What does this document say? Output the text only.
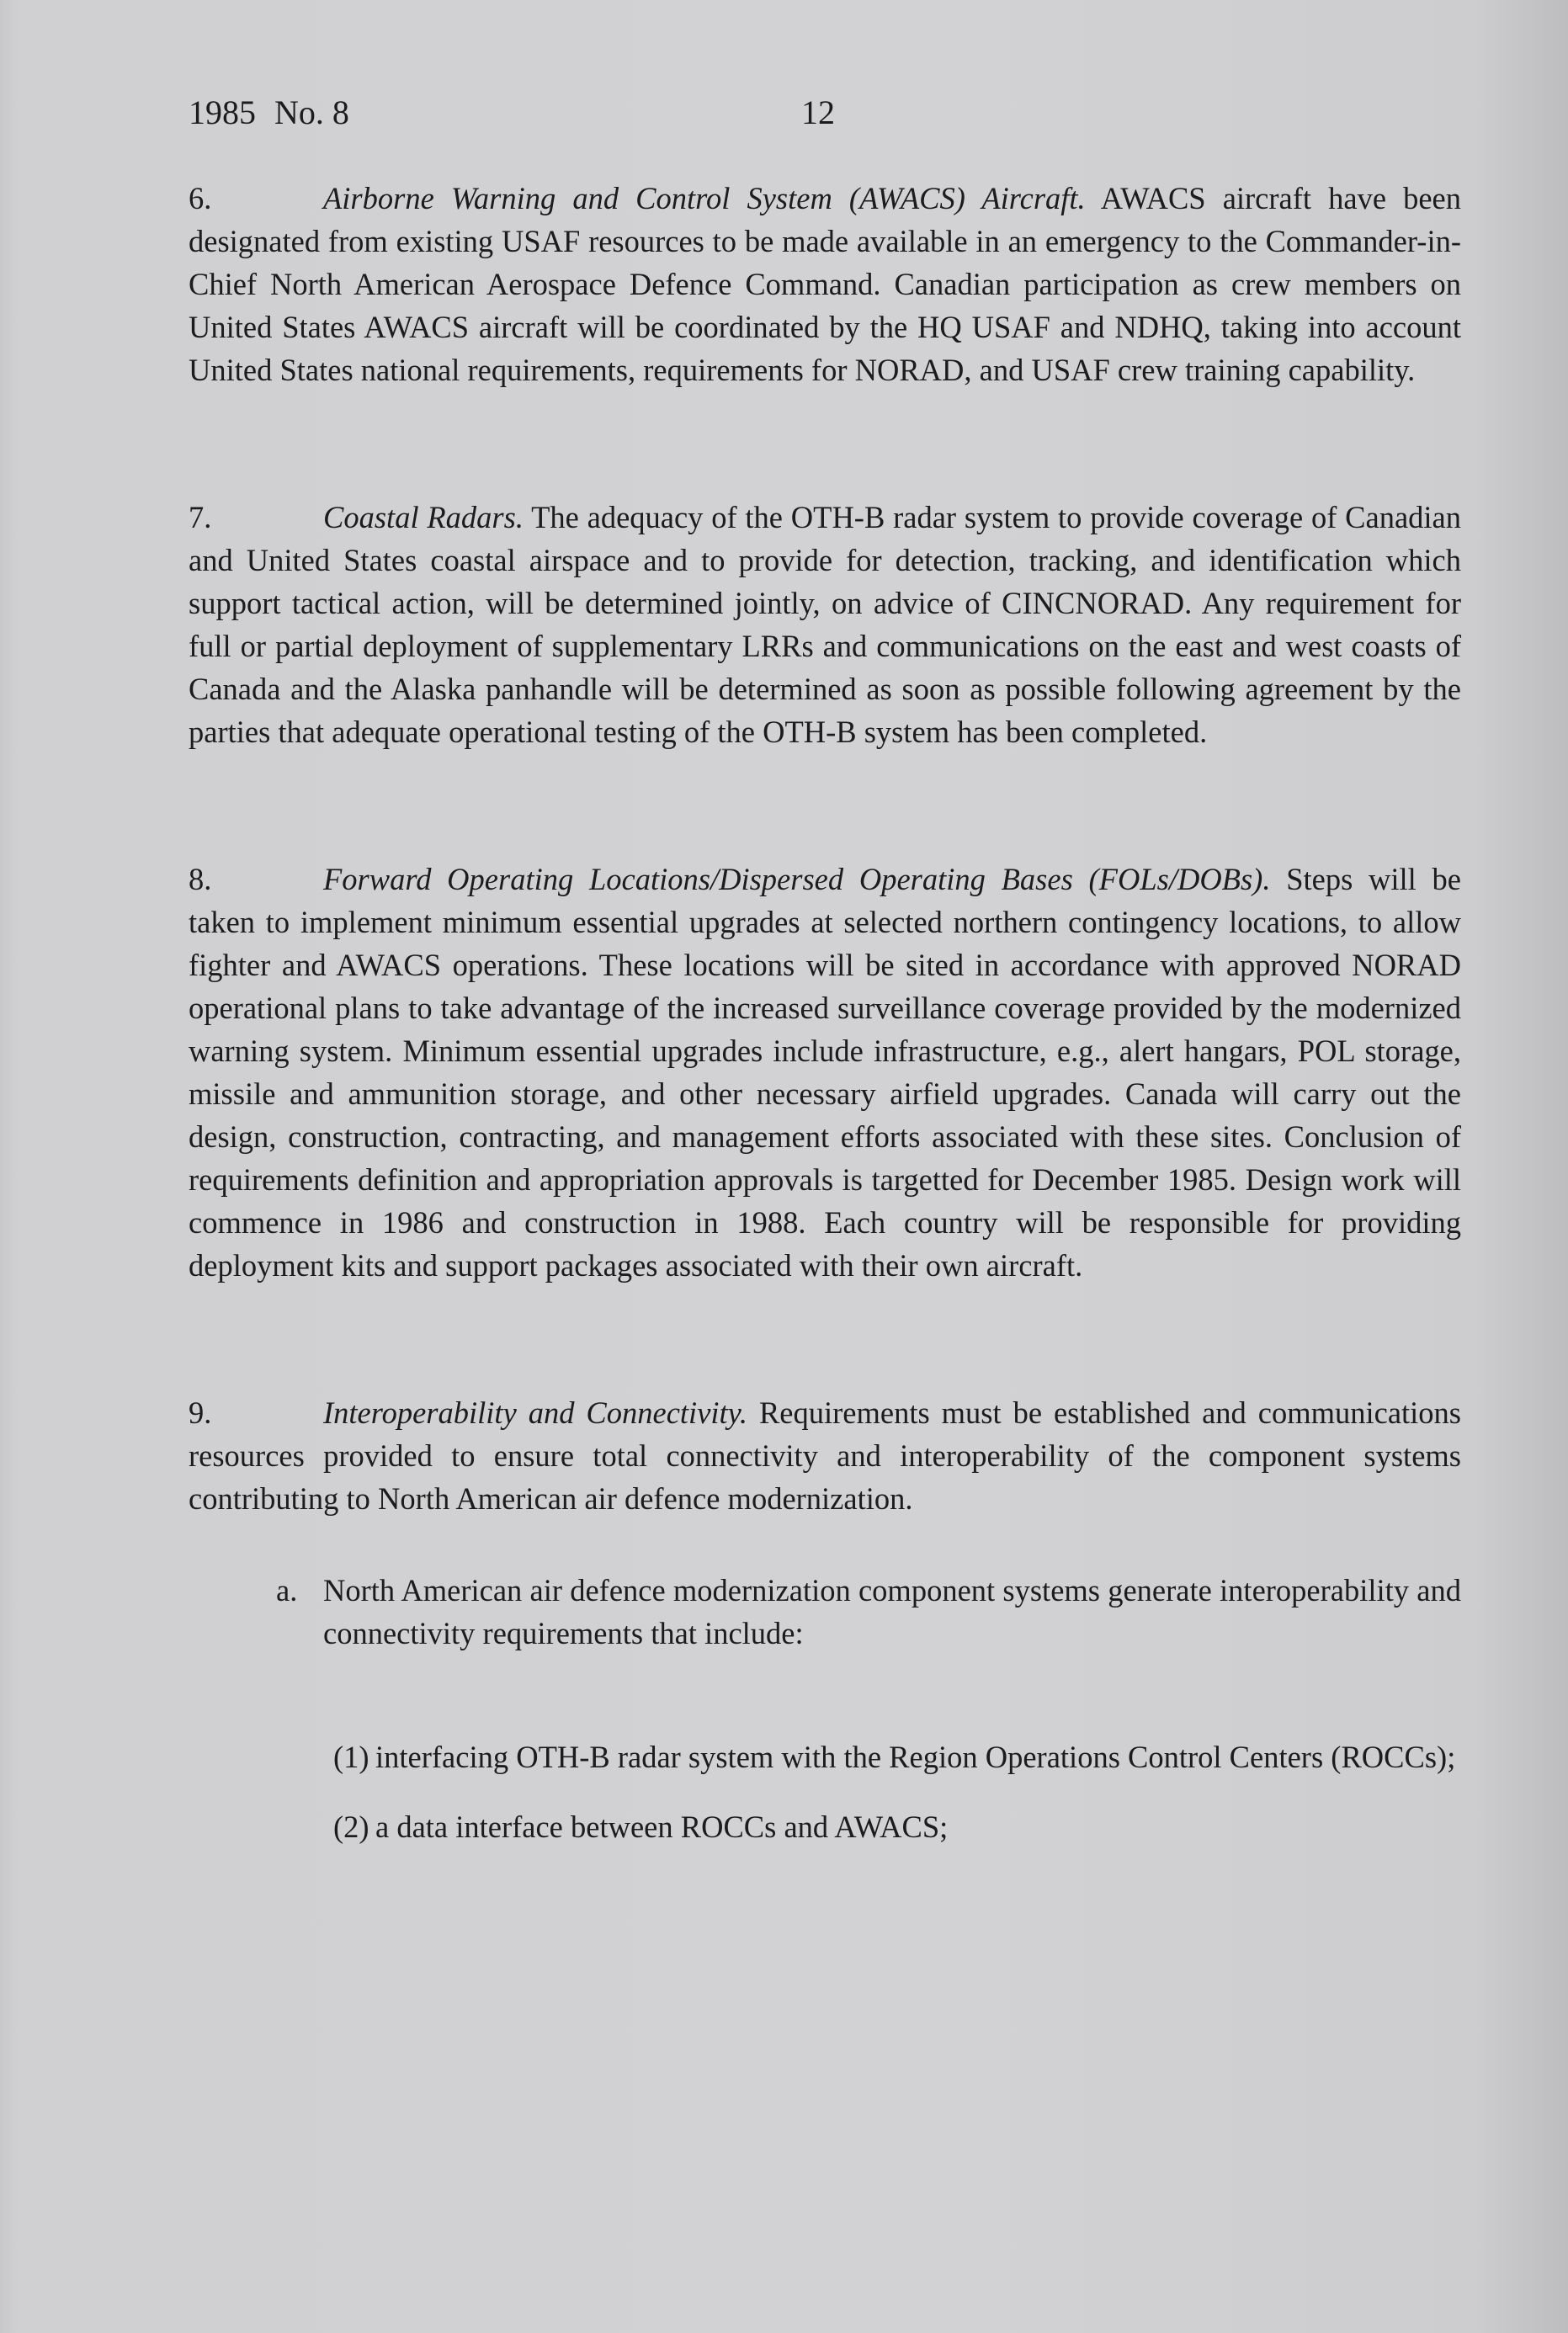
1985 No. 8	12

6.	Airborne Warning and Control System (AWACS) Aircraft. AWACS aircraft have been designated from existing USAF resources to be made available in an emergency to the Commander-in-Chief North American Aerospace Defence Command. Canadian participation as crew members on United States AWACS aircraft will be coordinated by the HQ USAF and NDHQ, taking into account United States national requirements, requirements for NORAD, and USAF crew training capability.

7.	Coastal Radars. The adequacy of the OTH-B radar system to provide coverage of Canadian and United States coastal airspace and to provide for detection, tracking, and identification which support tactical action, will be determined jointly, on advice of CINCNORAD. Any requirement for full or partial deployment of supplementary LRRs and communications on the east and west coasts of Canada and the Alaska panhandle will be determined as soon as possible following agreement by the parties that adequate operational testing of the OTH-B system has been completed.

8.	Forward Operating Locations/Dispersed Operating Bases (FOLs/DOBs). Steps will be taken to implement minimum essential upgrades at selected northern contingency locations, to allow fighter and AWACS operations. These locations will be sited in accordance with approved NORAD operational plans to take advantage of the increased surveillance coverage provided by the modernized warning system. Minimum essential upgrades include infrastructure, e.g., alert hangars, POL storage, missile and ammunition storage, and other necessary airfield upgrades. Canada will carry out the design, construction, contracting, and management efforts associated with these sites. Conclusion of requirements definition and appropriation approvals is targetted for December 1985. Design work will commence in 1986 and construction in 1988. Each country will be responsible for providing deployment kits and support packages associated with their own aircraft.

9.	Interoperability and Connectivity. Requirements must be established and communications resources provided to ensure total connectivity and interoperability of the component systems contributing to North American air defence modernization.

a. North American air defence modernization component systems generate interoperability and connectivity requirements that include:

(1) interfacing OTH-B radar system with the Region Operations Control Centers (ROCCs);

(2) a data interface between ROCCs and AWACS;
